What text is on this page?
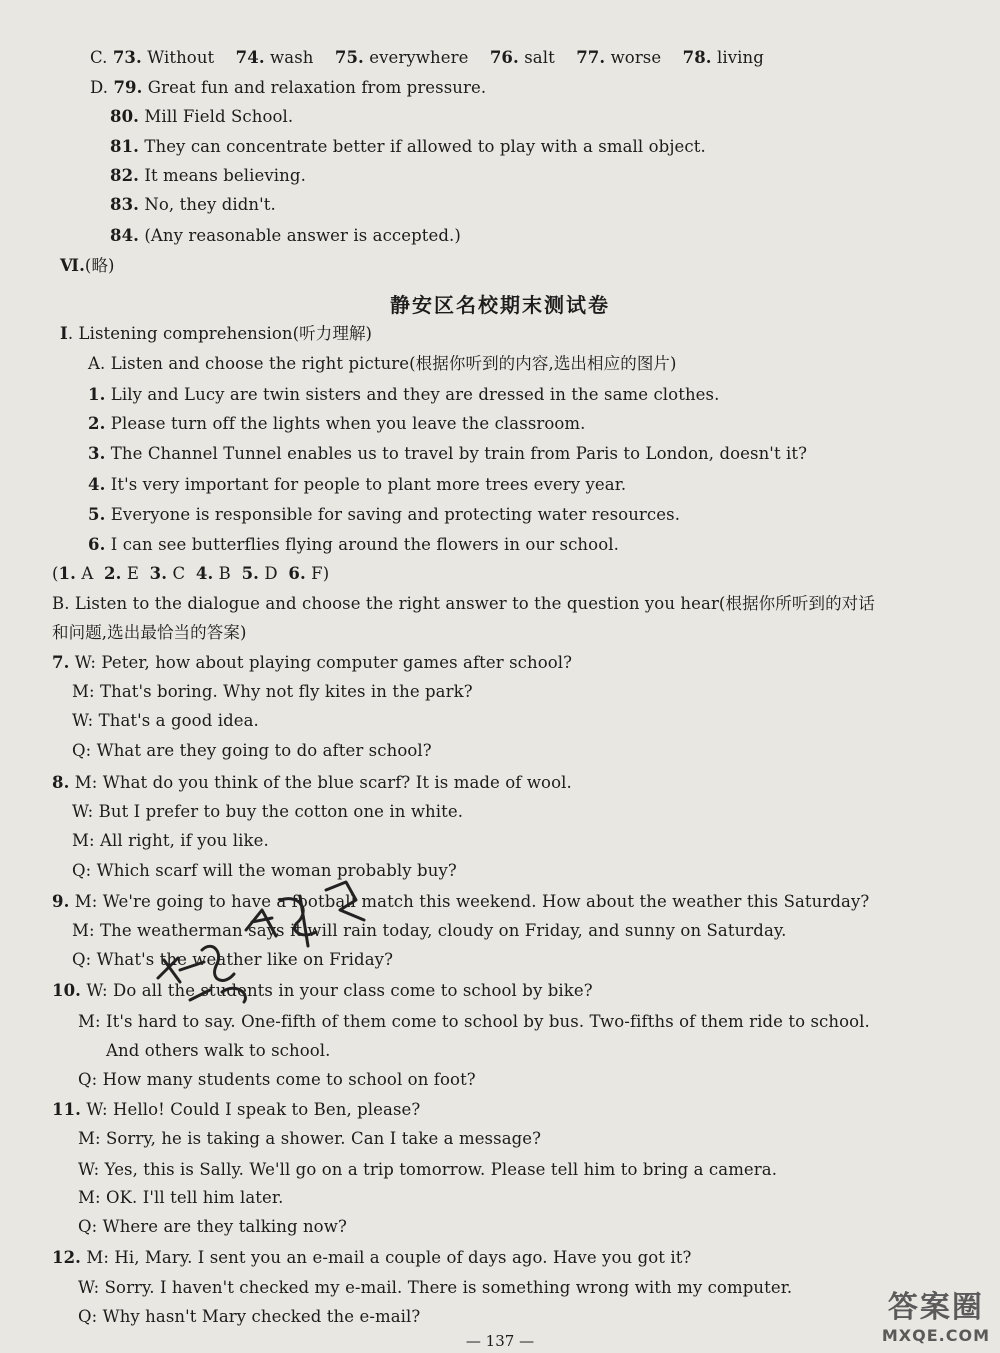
C. 73. Without    74. wash    75. everywhere    76. salt    77. worse    78. living
D. 79. Great fun and relaxation from pressure.
80. Mill Field School.
81. They can concentrate better if allowed to play with a small object.
82. It means believing.
83. No, they didn't.
84. (Any reasonable answer is accepted.)
Ⅵ.(略)
Ⅰ. Listening comprehension(听力理解)
A. Listen and choose the right picture(根据你听到的内容,选出相应的图片)
1. Lily and Lucy are twin sisters and they are dressed in the same clothes.
2. Please turn off the lights when you leave the classroom.
3. The Channel Tunnel enables us to travel by train from Paris to London, doesn't it?
4. It's very important for people to plant more trees every year.
5. Everyone is responsible for saving and protecting water resources.
6. I can see butterflies flying around the flowers in our school.
(1. A  2. E  3. C  4. B  5. D  6. F)
B. Listen to the dialogue and choose the right answer to the question you hear(根据你所听到的对话
和问题,选出最恰当的答案)
7. W: Peter, how about playing computer games after school?
M: That's boring. Why not fly kites in the park?
W: That's a good idea.
Q: What are they going to do after school?
8. M: What do you think of the blue scarf? It is made of wool.
W: But I prefer to buy the cotton one in white.
M: All right, if you like.
Q: Which scarf will the woman probably buy?
9. M: We're going to have a football match this weekend. How about the weather this Saturday?
M: The weatherman says it will rain today, cloudy on Friday, and sunny on Saturday.
Q: What's the weather like on Friday?
10. W: Do all the students in your class come to school by bike?
M: It's hard to say. One-fifth of them come to school by bus. Two-fifths of them ride to school.
And others walk to school.
Q: How many students come to school on foot?
11. W: Hello! Could I speak to Ben, please?
M: Sorry, he is taking a shower. Can I take a message?
W: Yes, this is Sally. We'll go on a trip tomorrow. Please tell him to bring a camera.
M: OK. I'll tell him later.
Q: Where are they talking now?
12. M: Hi, Mary. I sent you an e-mail a couple of days ago. Have you got it?
W: Sorry. I haven't checked my e-mail. There is something wrong with my computer.
Q: Why hasn't Mary checked the e-mail?
静安区名校期末测试卷
— 137 —
答案圈
MXQE.COM
